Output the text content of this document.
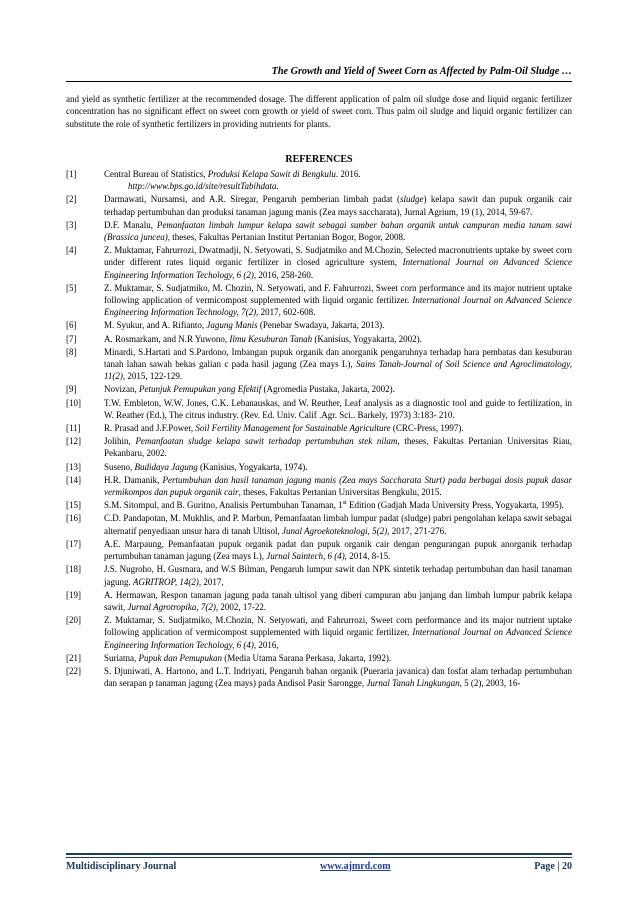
The Growth and Yield of Sweet Corn as Affected by Palm-Oil Sludge …

and yield as synthetic fertilizer at the recommended dosage. The different application of palm oil sludge dose and liquid organic fertilizer concentration has no significant effect on sweet corn growth or yield of sweet corn. Thus palm oil sludge and liquid organic fertilizer can substitute the role of synthetic fertilizers in providing nutrients for plants.

REFERENCES
[1]	Central Bureau of Statistics, Produksi Kelapa Sawit di Bengkulu. 2016.
http://www.bps.go.id/site/resultTabihdata.
[2]	Darmawati, Nursamsi, and A.R. Siregar, Pengaruh pemberian limbah padat (sludge) kelapa sawit dan pupuk organik cair terhadap pertumbuhan dan produksi tanaman jagung manis (Zea mays saccharata), Jurnal Agrium, 19 (1), 2014, 59-67.
[3]	D.F. Manalu, Pemanfaatan limbah lumpur kelapa sawit sebagai sumber bahan organik untuk campuran media tanam sawi (Brassica juncea), theses, Fakultas Pertanian Institut Pertanian Bogor, Bogor, 2008.
[4]	Z. Muktamar, Fahrurrozi, Dwatmadji, N. Setyowati, S. Sudjatmiko and M.Chozin, Selected macronutrients uptake by sweet corn under different rates liquid organic fertilizer in closed agriculture system, International Journal on Advanced Science Engineering Information Techology, 6 (2), 2016, 258-260.
[5]	Z. Muktamar, S. Sudjatmiko, M. Chozin, N. Setyowati, and F. Fahrurrozi, Sweet corn performance and its major nutrient uptake following application of vermicompost supplemented with liquid organic fertilizer. International Journal on Advanced Science Engineering Information Technology, 7(2), 2017, 602-608.
[6]	M. Syukur, and A. Rifianto, Jagung Manis (Penebar Swadaya, Jakarta, 2013).
[7]	A. Rosmarkam, and N.R Yuwono, Ilmu Kesuburan Tanah (Kanisius, Yogyakarta, 2002).
[8]	Minardi, S.Hartati and S.Pardono, Imbangan pupuk organik dan anorganik pengaruhnya terhadap hara pembatas dan kesuburan tanah lahan sawah bekas galian c pada hasil jagung (Zea mays L), Sains Tanah-Journal of Soil Science and Agroclimatology, 11(2), 2015, 122-129.
[9]	Novizan, Petunjuk Pemupukan yang Efektif (Agromedia Pustaka, Jakarta, 2002).
[10]	T.W. Embleton, W.W. Jones, C.K. Lebanauskas, and W. Reuther, Leaf analysis as a diagnostic tool and guide to fertilization, in W. Reather (Ed.), The citrus industry. (Rev. Ed. Univ. Calif .Agr. Sci.. Barkely, 1973) 3:183- 210.
[11]	R. Prasad and J.F.Power, Soil Fertility Management for Sustainable Agriculture (CRC-Press, 1997).
[12]	Jolihin, Pemanfaatan sludge kelapa sawit terhadap pertumbuhan stek nilam, theses, Fakultas Pertanian Universitas Riau, Pekanbaru, 2002.
[13]	Suseno, Budidaya Jagung (Kanisius, Yogyakarta, 1974).
[14]	H.R. Damanik, Pertumbuhan dan hasil tanaman jagung manis (Zea mays Saccharata Sturt) pada berbagai dosis pupuk dasar vermikompos dan pupuk organik cair, theses, Fakultas Pertanian Universitas Bengkulu, 2015.
[15]	S.M. Sitompul, and B. Guritno, Analisis Pertumbuhan Tanaman, 1st Edition (Gadjah Mada University Press, Yogyakarta, 1995).
[16]	C.D. Pandapotan, M. Mukhlis, and P. Marbun, Pemanfaatan limbah lumpur padat (sludge) pabri pengolahan kelapa sawit sebagai alternatif penyediaan unsur hara di tanah Ultisol, Junal Agroekoteknologi, 5(2), 2017, 271-276.
[17]	A.E. Marpaung, Pemanfaatan pupuk organik padat dan pupuk organik cair dengan pengurangan pupuk anorganik terhadap pertumbuhan tanaman jagung (Zea mays L), Jurnal Saintech, 6 (4), 2014, 8-15.
[18]	J.S. Nugroho, H. Gusmara, and W.S Bilman, Pengaruh lumpur sawit dan NPK sintetik terhadap pertumbuhan dan hasil tanaman jagung. AGRITROP, 14(2), 2017,
[19]	A. Hermawan, Respon tanaman jagung pada tanah ultisol yang diberi campuran abu janjang dan limbah lumpur pabrik kelapa sawit, Jurnal Agrotropika, 7(2), 2002, 17-22.
[20]	Z. Muktamar, S. Sudjatmiko, M.Chozin, N. Setyowati, and Fahrurrozi, Sweet corn performance and its major nutrient uptake following application of vermicompost supplemented with liquid organic fertilizer, International Journal on Advanced Science Engineering Information Techology, 6 (4), 2016,
[21]	Suriatna, Pupuk dan Pemupukan (Media Utama Sarana Perkasa, Jakarta, 1992).
[22]	S. Djuniwati, A. Hartono, and L.T. Indriyati, Pengaruh bahan organik (Pueraria javanica) dan fosfat alam terhadap pertumbuhan dan serapan p tanaman jagung (Zea mays) pada Andisol Pasir Sarongge, Jurnal Tanah Lingkungan, 5 (2), 2003, 16-
Multidisciplinary Journal	www.ajmrd.com	Page | 20
